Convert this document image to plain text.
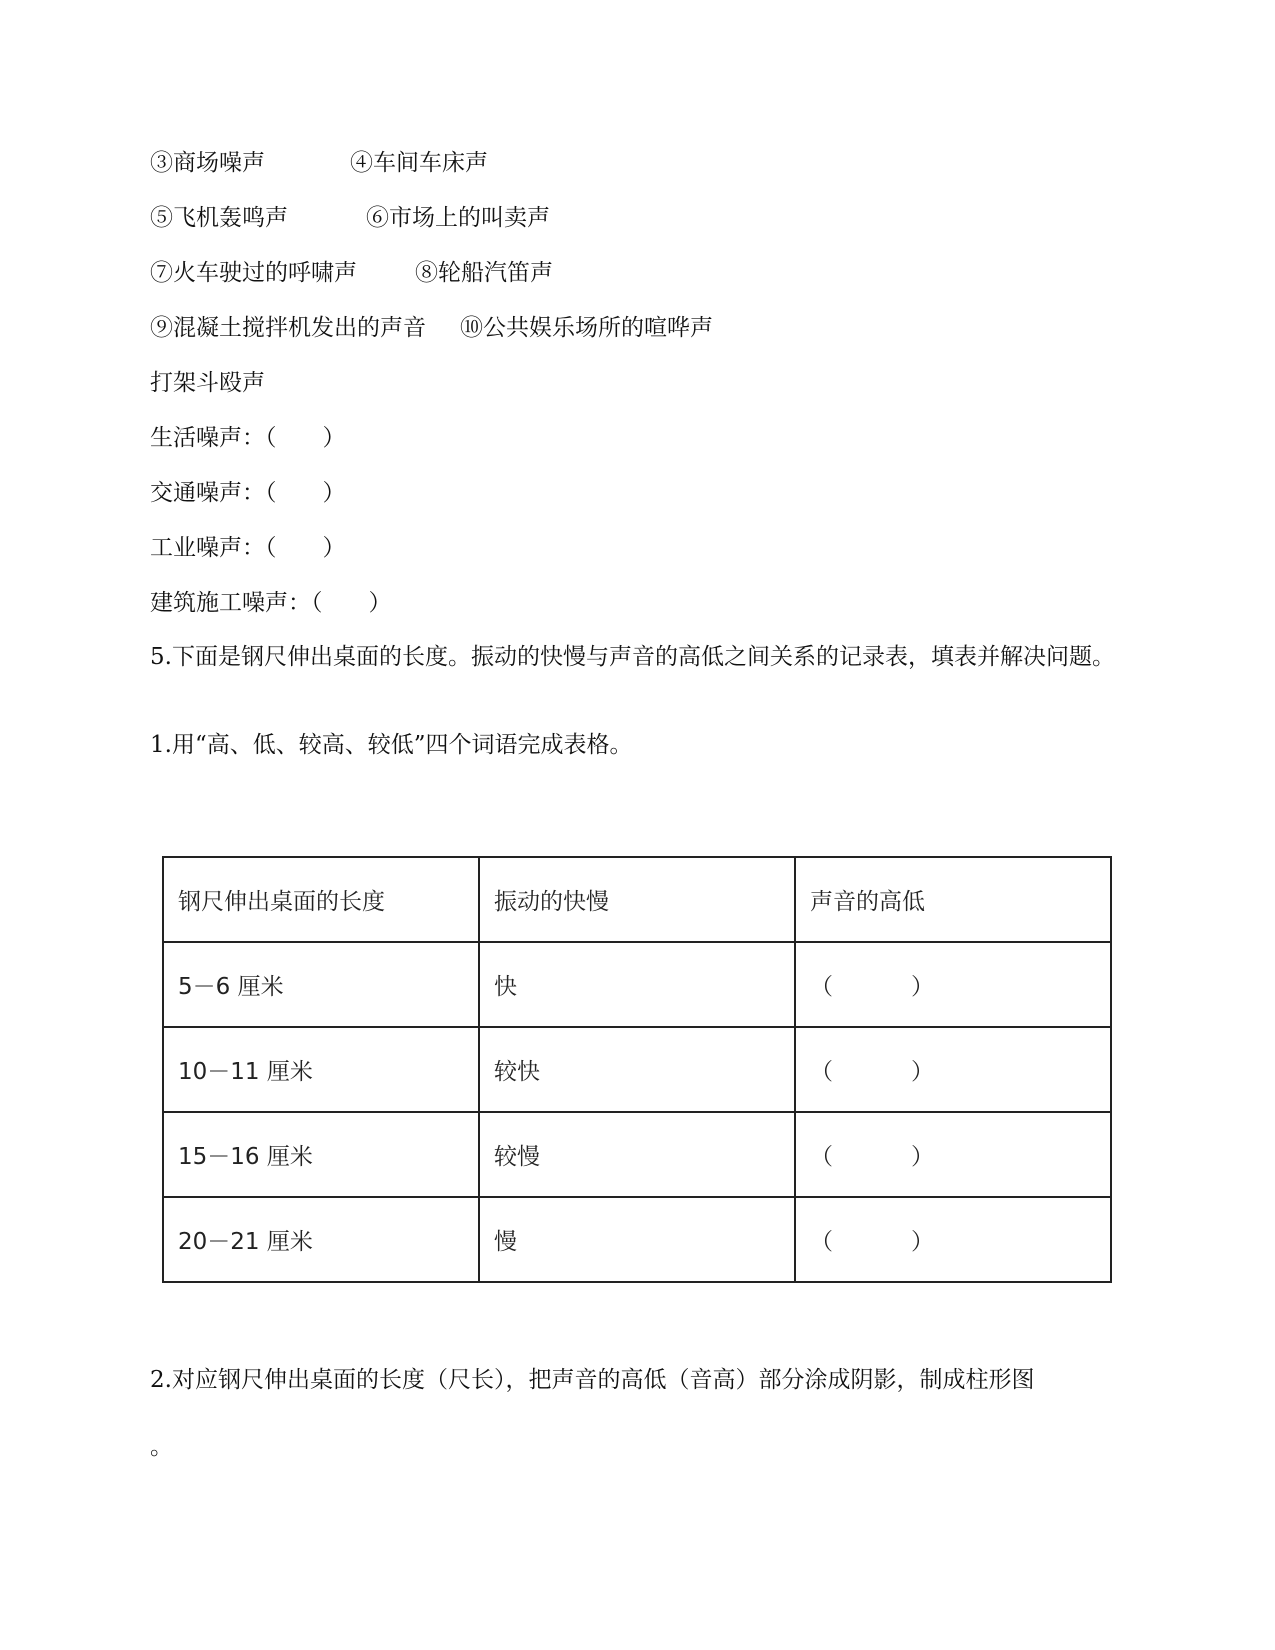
③商场噪声	④车间车床声
⑤飞机轰鸣声	⑥市场上的叫卖声
⑦火车驶过的呼啸声	⑧轮船汽笛声
⑨混凝土搅拌机发出的声音 ⑩公共娱乐场所的喧哗声
打架斗殴声
生活噪声：（　　）
交通噪声：（　　）
工业噪声：（　　）
建筑施工噪声：（　　）
5.下面是钢尺伸出桌面的长度。振动的快慢与声音的高低之间关系的记录表，填表并解决问题。
1.用“高、低、较高、较低”四个词语完成表格。
钢尺伸出桌面的长度	振动的快慢	声音的高低
5－6 厘米	快	（ ）
10－11 厘米	较快	（ ）
15－16 厘米	较慢	（ ）
20－21 厘米	慢	（ ）
2.对应钢尺伸出桌面的长度（尺长），把声音的高低（音高）部分涂成阴影，制成柱形图
。
